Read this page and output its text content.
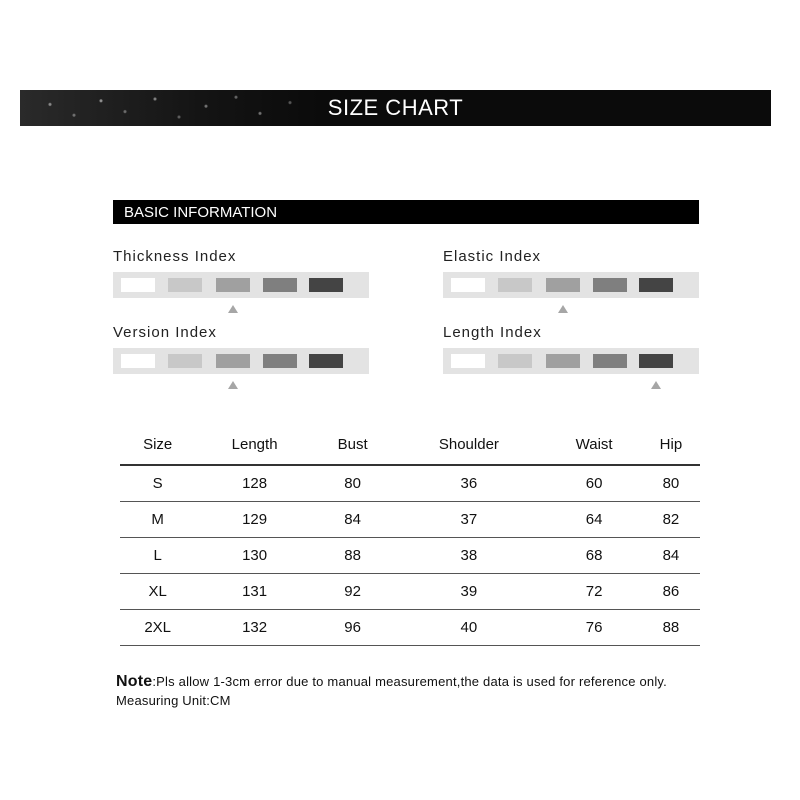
SIZE CHART
BASIC INFORMATION
Thickness Index	Elastic Index
Version Index	Length Index
Size	Length	Bust	Shoulder	Waist	Hip
S	128	80	36	60	80
M	129	84	37	64	82
L	130	88	38	68	84
XL	131	92	39	72	86
2XL	132	96	40	76	88
Note:Pls allow 1-3cm error due to manual measurement,the data is used for reference only.
Measuring Unit:CM
